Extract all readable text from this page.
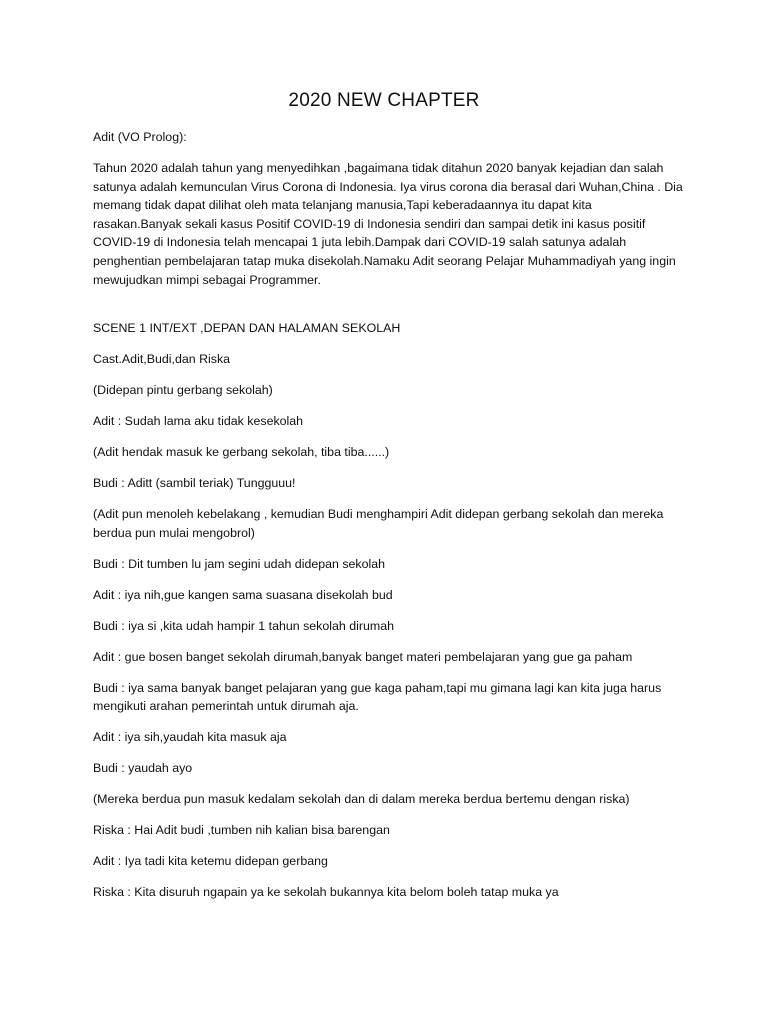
2020 NEW CHAPTER

Adit (VO Prolog):

Tahun 2020 adalah tahun yang menyedihkan ,bagaimana tidak ditahun 2020 banyak kejadian dan salah satunya adalah kemunculan Virus Corona di Indonesia. Iya virus corona dia berasal dari Wuhan,China . Dia memang tidak dapat dilihat oleh mata telanjang manusia,Tapi keberadaannya itu dapat kita rasakan.Banyak sekali kasus Positif COVID-19 di Indonesia sendiri dan sampai detik ini kasus positif COVID-19 di Indonesia telah mencapai 1 juta lebih.Dampak dari COVID-19 salah satunya adalah penghentian pembelajaran tatap muka disekolah.Namaku Adit seorang Pelajar Muhammadiyah yang ingin mewujudkan mimpi sebagai Programmer.

SCENE 1 INT/EXT ,DEPAN DAN HALAMAN SEKOLAH

Cast.Adit,Budi,dan Riska

(Didepan pintu gerbang sekolah)

Adit : Sudah lama aku tidak kesekolah

(Adit hendak masuk ke gerbang sekolah, tiba tiba......)

Budi : Aditt (sambil teriak) Tungguuu!

(Adit pun menoleh kebelakang , kemudian Budi menghampiri Adit didepan gerbang sekolah dan mereka berdua pun mulai mengobrol)

Budi : Dit tumben lu jam segini udah didepan sekolah

Adit : iya nih,gue kangen sama suasana disekolah bud

Budi : iya si ,kita udah hampir 1 tahun sekolah dirumah

Adit : gue bosen banget sekolah dirumah,banyak banget materi pembelajaran yang gue ga paham

Budi : iya sama banyak banget pelajaran yang gue kaga paham,tapi mu gimana lagi kan kita juga harus mengikuti arahan pemerintah untuk dirumah aja.

Adit : iya sih,yaudah kita masuk aja

Budi : yaudah ayo

(Mereka berdua pun masuk kedalam sekolah dan di dalam mereka berdua bertemu dengan riska)

Riska : Hai Adit budi ,tumben nih kalian bisa barengan

Adit : Iya tadi kita ketemu didepan gerbang

Riska : Kita disuruh ngapain ya ke sekolah bukannya kita belom boleh tatap muka ya
